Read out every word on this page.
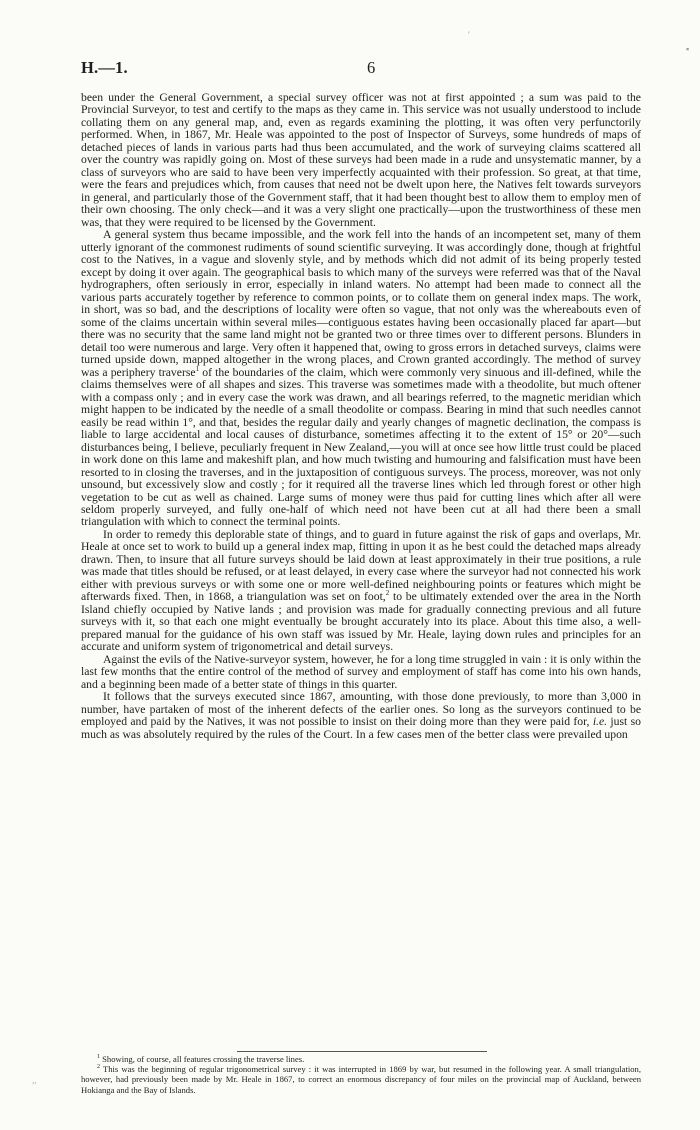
′
▪
H.—1.	6

been under the General Government, a special survey officer was not at first appointed ; a sum was paid to the Provincial Surveyor, to test and certify to the maps as they came in. This service was not usually understood to include collating them on any general map, and, even as regards examining the plotting, it was often very perfunctorily performed. When, in 1867, Mr. Heale was appointed to the post of Inspector of Surveys, some hundreds of maps of detached pieces of lands in various parts had thus been accumulated, and the work of surveying claims scattered all over the country was rapidly going on. Most of these surveys had been made in a rude and unsystematic manner, by a class of surveyors who are said to have been very imperfectly acquainted with their profession. So great, at that time, were the fears and prejudices which, from causes that need not be dwelt upon here, the Natives felt towards surveyors in general, and particularly those of the Government staff, that it had been thought best to allow them to employ men of their own choosing. The only check—and it was a very slight one practically—upon the trustworthiness of these men was, that they were required to be licensed by the Government.

A general system thus became impossible, and the work fell into the hands of an incompetent set, many of them utterly ignorant of the commonest rudiments of sound scientific surveying. It was accordingly done, though at frightful cost to the Natives, in a vague and slovenly style, and by methods which did not admit of its being properly tested except by doing it over again. The geographical basis to which many of the surveys were referred was that of the Naval hydrographers, often seriously in error, especially in inland waters. No attempt had been made to connect all the various parts accurately together by reference to common points, or to collate them on general index maps. The work, in short, was so bad, and the descriptions of locality were often so vague, that not only was the whereabouts even of some of the claims uncertain within several miles—contiguous estates having been occasionally placed far apart—but there was no security that the same land might not be granted two or three times over to different persons. Blunders in detail too were numerous and large. Very often it happened that, owing to gross errors in detached surveys, claims were turned upside down, mapped altogether in the wrong places, and Crown granted accordingly. The method of survey was a periphery traverse$^1$ of the boundaries of the claim, which were commonly very sinuous and ill-defined, while the claims themselves were of all shapes and sizes. This traverse was sometimes made with a theodolite, but much oftener with a compass only ; and in every case the work was drawn, and all bearings referred, to the magnetic meridian which might happen to be indicated by the needle of a small theodolite or compass. Bearing in mind that such needles cannot easily be read within 1°, and that, besides the regular daily and yearly changes of magnetic declination, the compass is liable to large accidental and local causes of disturbance, sometimes affecting it to the extent of 15° or 20°—such disturbances being, I believe, peculiarly frequent in New Zealand,—you will at once see how little trust could be placed in work done on this lame and makeshift plan, and how much twisting and humouring and falsification must have been resorted to in closing the traverses, and in the juxtaposition of contiguous surveys. The process, moreover, was not only unsound, but excessively slow and costly ; for it required all the traverse lines which led through forest or other high vegetation to be cut as well as chained. Large sums of money were thus paid for cutting lines which after all were seldom properly surveyed, and fully one-half of which need not have been cut at all had there been a small triangulation with which to connect the terminal points.

In order to remedy this deplorable state of things, and to guard in future against the risk of gaps and overlaps, Mr. Heale at once set to work to build up a general index map, fitting in upon it as he best could the detached maps already drawn. Then, to insure that all future surveys should be laid down at least approximately in their true positions, a rule was made that titles should be refused, or at least delayed, in every case where the surveyor had not connected his work either with previous surveys or with some one or more well-defined neighbouring points or features which might be afterwards fixed. Then, in 1868, a triangulation was set on foot,$^2$ to be ultimately extended over the area in the North Island chiefly occupied by Native lands ; and provision was made for gradually connecting previous and all future surveys with it, so that each one might eventually be brought accurately into its place. About this time also, a well-prepared manual for the guidance of his own staff was issued by Mr. Heale, laying down rules and principles for an accurate and uniform system of trigonometrical and detail surveys.

Against the evils of the Native-surveyor system, however, he for a long time struggled in vain : it is only within the last few months that the entire control of the method of survey and employment of staff has come into his own hands, and a beginning been made of a better state of things in this quarter.

It follows that the surveys executed since 1867, amounting, with those done previously, to more than 3,000 in number, have partaken of most of the inherent defects of the earlier ones. So long as the surveyors continued to be employed and paid by the Natives, it was not possible to insist on their doing more than they were paid for, i.e. just so much as was absolutely required by the rules of the Court. In a few cases men of the better class were prevailed upon

$^1$ Showing, of course, all features crossing the traverse lines.

$^2$ This was the beginning of regular trigonometrical survey : it was interrupted in 1869 by war, but resumed in the following year. A small triangulation, however, had previously been made by Mr. Heale in 1867, to correct an enormous discrepancy of four miles on the provincial map of Auckland, between Hokianga and the Bay of Islands.

,,
